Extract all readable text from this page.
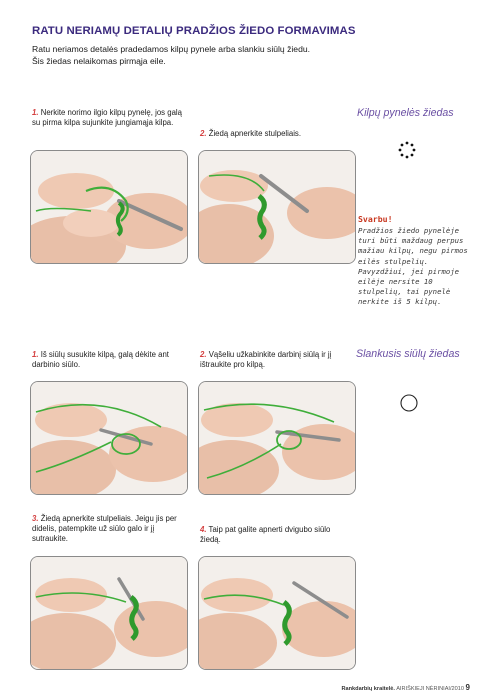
RATU NERIAMŲ DETALIŲ PRADŽIOS ŽIEDO FORMAVIMAS
Ratu neriamos detalės pradedamos kilpų pynele arba slankiu siūlų žiedu.
Šis žiedas nelaikomas pirmąja eile.
Kilpų pynelės žiedas
1. Nerkite norimo ilgio kilpų pynelę, jos galą su pirma kilpa sujunkite jungiamąja kilpa.
2. Žiedą apnerkite stulpeliais.
Svarbu!
Pradžios žiedo pynelėje turi būti maždaug perpus mažiau kilpų, negu pirmos eilės stulpelių. Pavyzdžiui, jei pirmoje eilėje nersite 10 stulpelių, tai pynelė nerkite iš 5 kilpų.
Slankusis siūlų žiedas
1. Iš siūlų susukite kilpą, galą dėkite ant darbinio siūlo.
2. Vąšeliu užkabinkite darbinį siūlą ir jį ištraukite pro kilpą.
3. Žiedą apnerkite stulpeliais. Jeigu jis per didelis, patempkite už siūlo galo ir jį sutraukite.
4. Taip pat galite apnerti dvigubo siūlo žiedą.
Rankdarbių kraitelė. AIRIŠKIEJI NĖRINIAI/2010 9
